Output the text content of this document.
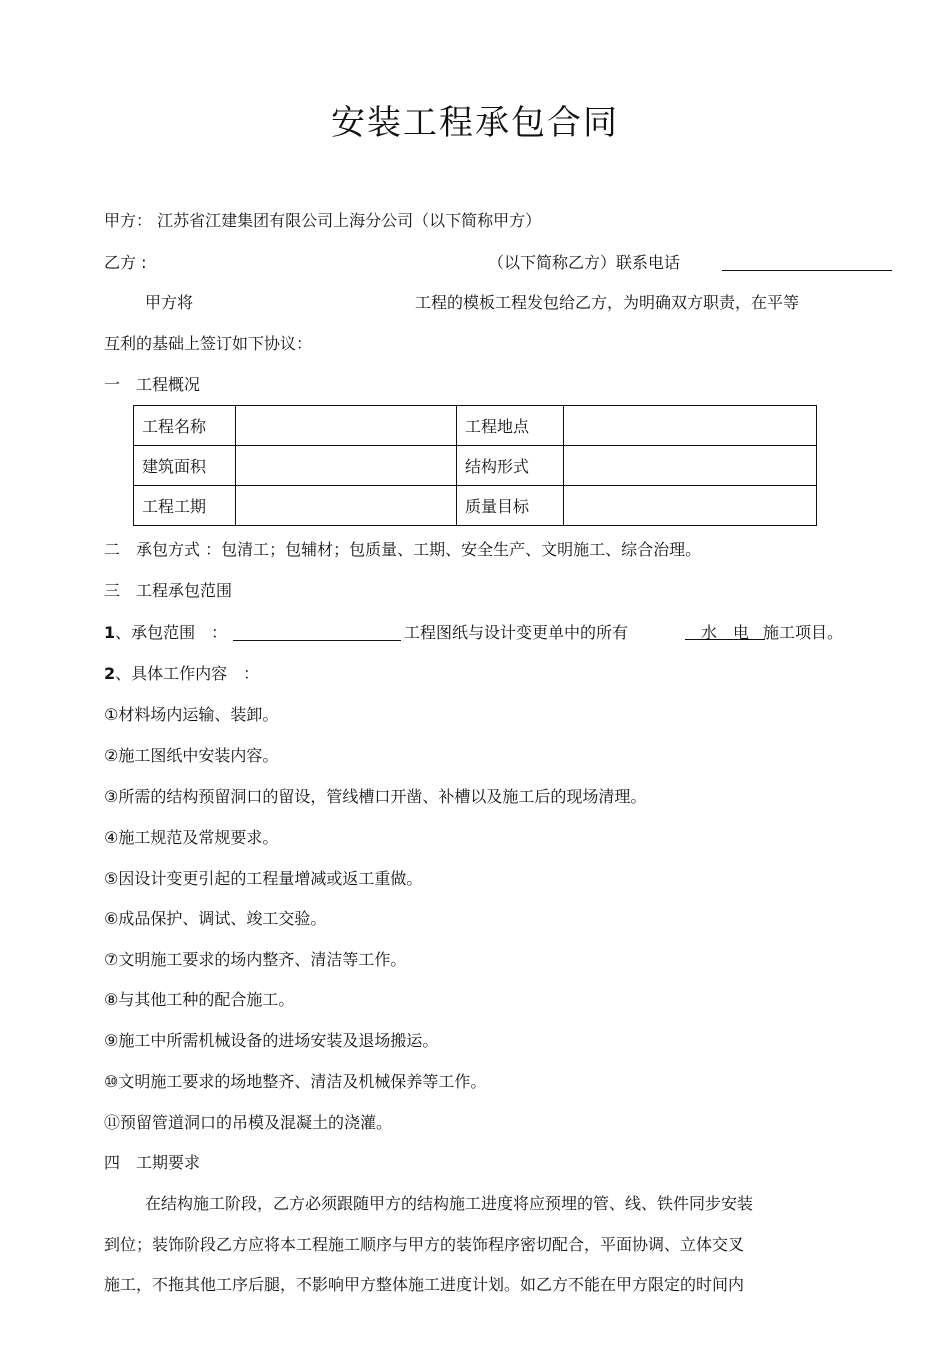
安装工程承包合同
甲方： 江苏省江建集团有限公司上海分公司（以下简称甲方）
乙方 :	（以下简称乙方）联系电话
甲方将	工程的模板工程发包给乙方，为明确双方职责，在平等
互利的基础上签订如下协议：
一　工程概况
工程名称		工程地点	
建筑面积		结构形式	
工程工期		质量目标	
二　承包方式 ：包清工；包辅材；包质量、工期、安全生产、文明施工、综合治理。
三　工程承包范围
1、承包范围　：	工程图纸与设计变更单中的所有	　水　电　
施工项目。
2、具体工作内容　：
①材料场内运输、装卸。
②施工图纸中安装内容。
③所需的结构预留洞口的留设，管线槽口开凿、补槽以及施工后的现场清理。
④施工规范及常规要求。
⑤因设计变更引起的工程量增减或返工重做。
⑥成品保护、调试、竣工交验。
⑦文明施工要求的场内整齐、清洁等工作。
⑧与其他工种的配合施工。
⑨施工中所需机械设备的进场安装及退场搬运。
⑩文明施工要求的场地整齐、清洁及机械保养等工作。
⑪预留管道洞口的吊模及混凝土的浇灌。
四　工期要求
在结构施工阶段，乙方必须跟随甲方的结构施工进度将应预埋的管、线、铁件同步安装
到位；装饰阶段乙方应将本工程施工顺序与甲方的装饰程序密切配合，平面协调、立体交叉
施工，不拖其他工序后腿，不影响甲方整体施工进度计划。如乙方不能在甲方限定的时间内
